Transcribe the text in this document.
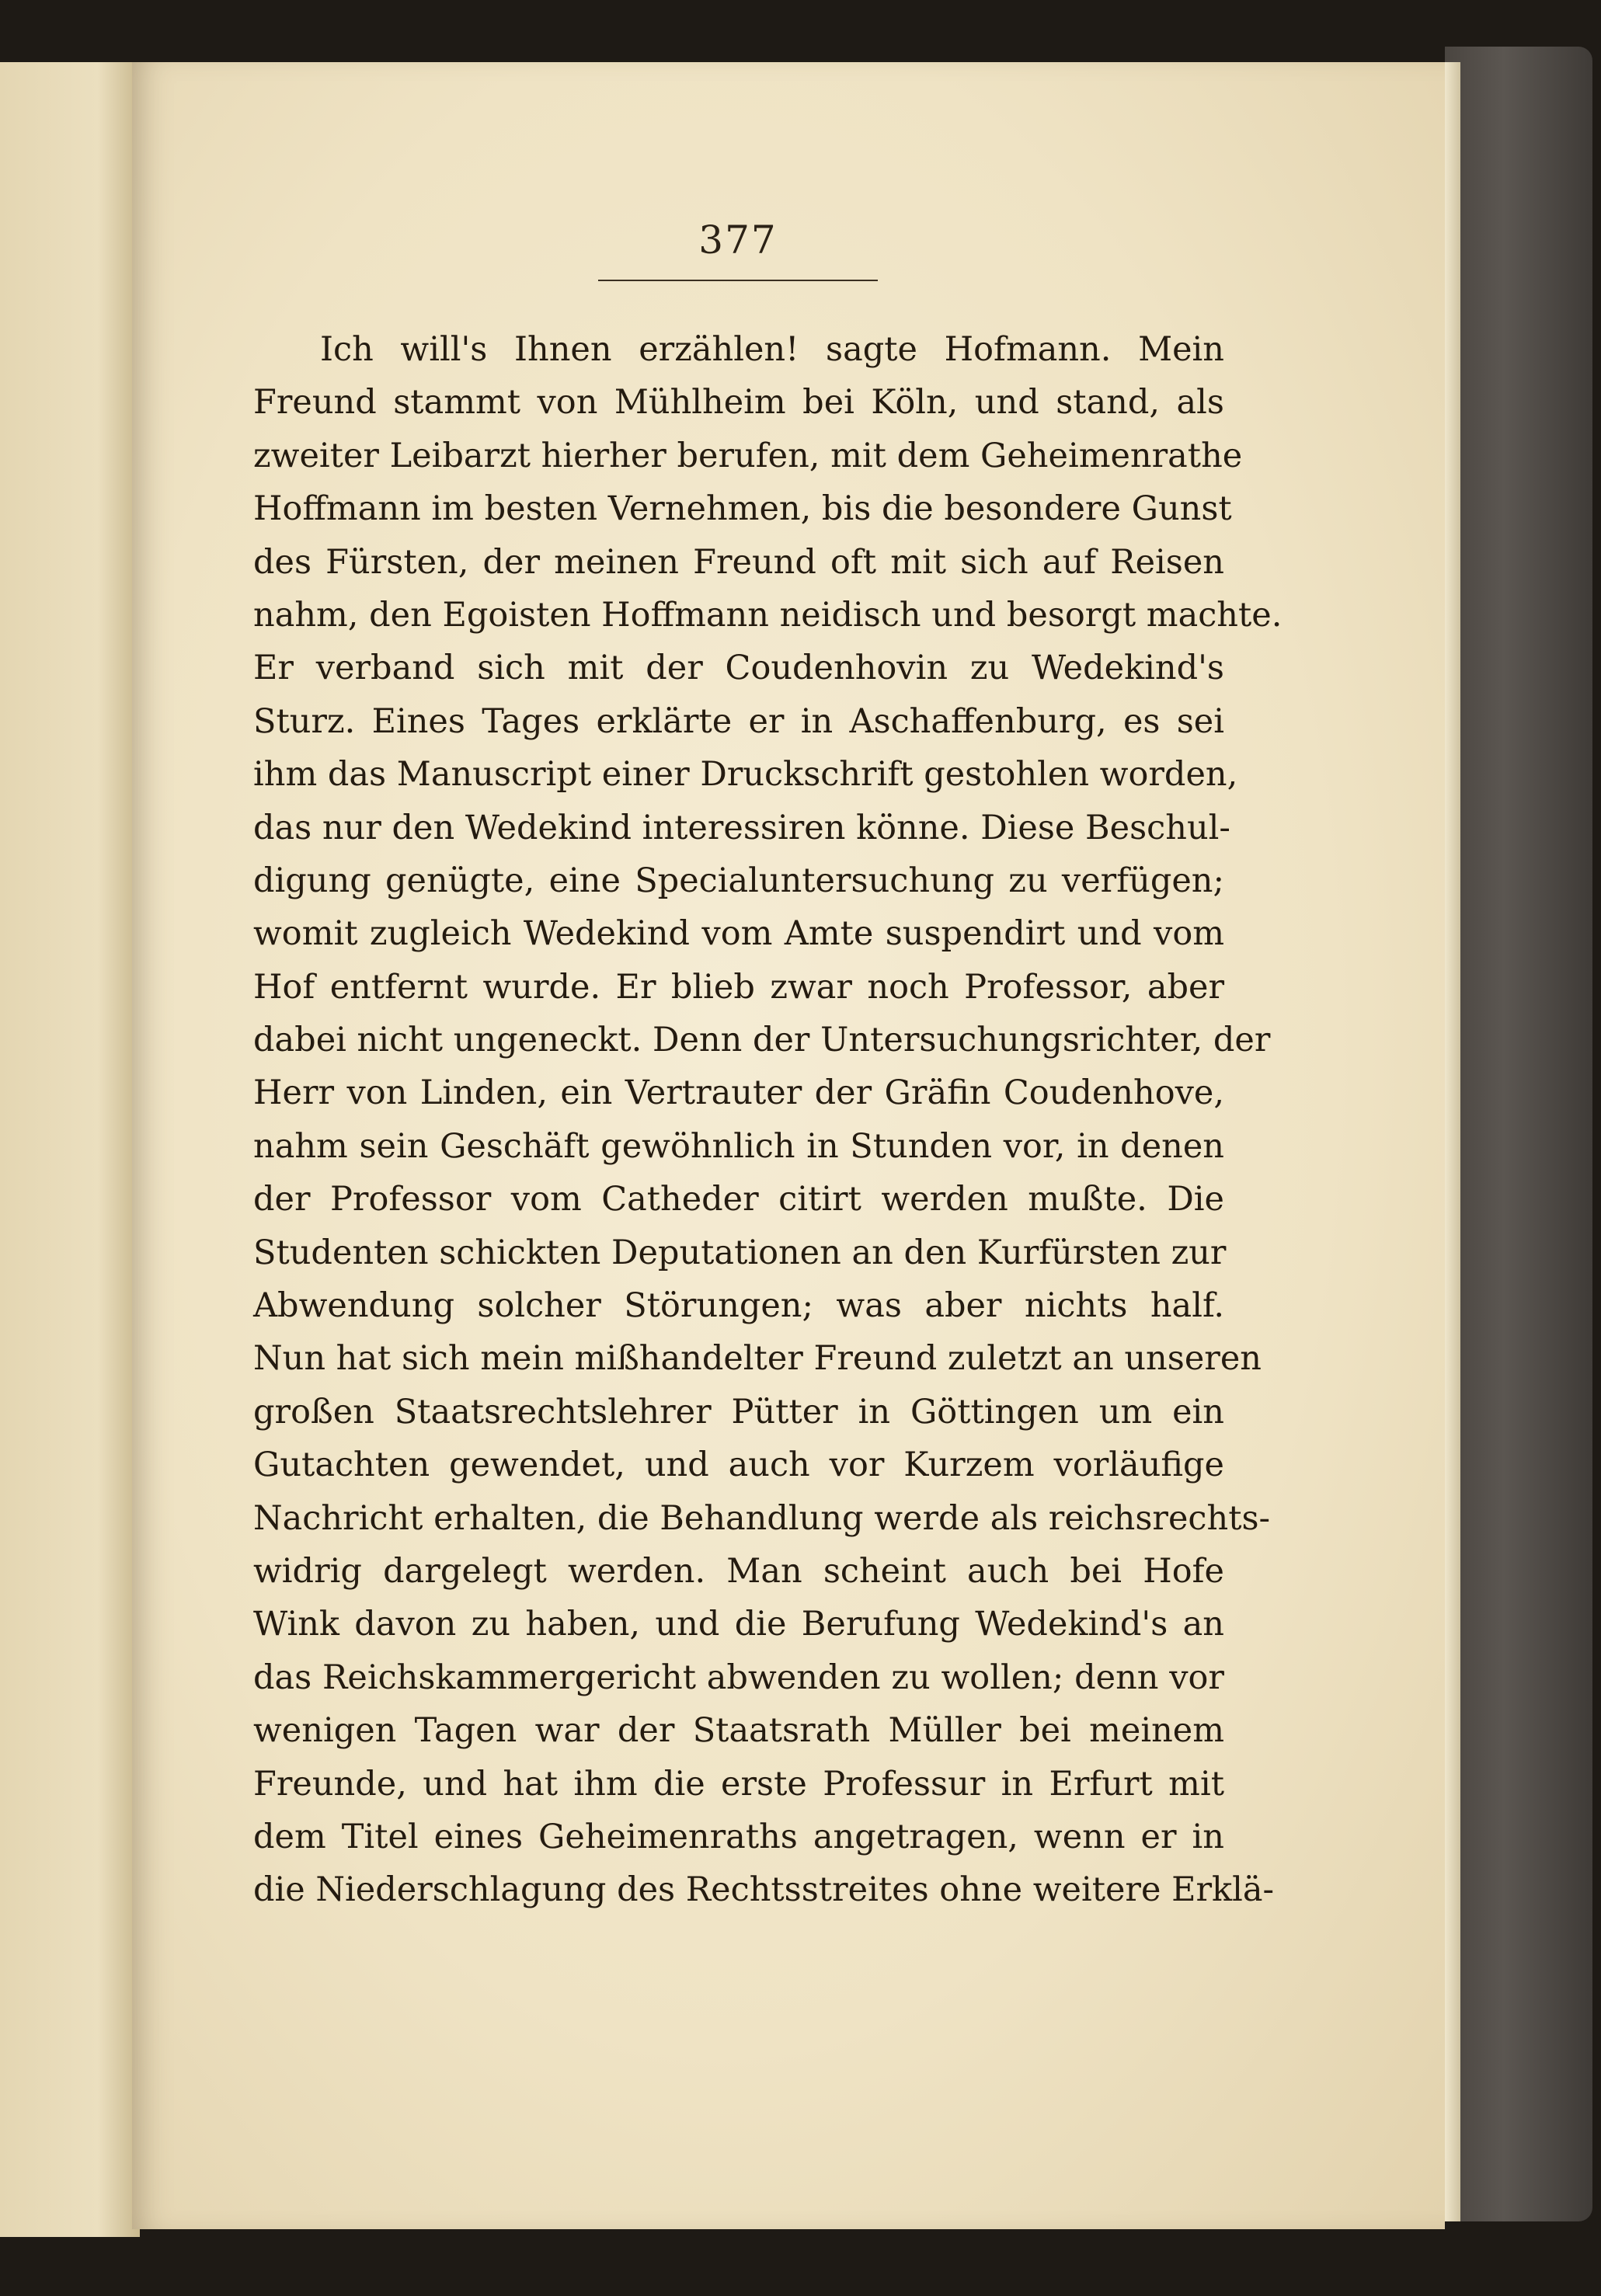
377
Ich will's Ihnen erzählen! sagte Hofmann. Mein
Freund stammt von Mühlheim bei Köln, und stand, als
zweiter Leibarzt hierher berufen, mit dem Geheimenrathe
Hoffmann im besten Vernehmen, bis die besondere Gunst
des Fürsten, der meinen Freund oft mit sich auf Reisen
nahm, den Egoisten Hoffmann neidisch und besorgt machte.
Er verband sich mit der Coudenhovin zu Wedekind's
Sturz. Eines Tages erklärte er in Aschaffenburg, es sei
ihm das Manuscript einer Druckschrift gestohlen worden,
das nur den Wedekind interessiren könne. Diese Beschul-
digung genügte, eine Specialuntersuchung zu verfügen;
womit zugleich Wedekind vom Amte suspendirt und vom
Hof entfernt wurde. Er blieb zwar noch Professor, aber
dabei nicht ungeneckt. Denn der Untersuchungsrichter, der
Herr von Linden, ein Vertrauter der Gräfin Coudenhove,
nahm sein Geschäft gewöhnlich in Stunden vor, in denen
der Professor vom Catheder citirt werden mußte. Die
Studenten schickten Deputationen an den Kurfürsten zur
Abwendung solcher Störungen; was aber nichts half.
Nun hat sich mein mißhandelter Freund zuletzt an unseren
großen Staatsrechtslehrer Pütter in Göttingen um ein
Gutachten gewendet, und auch vor Kurzem vorläufige
Nachricht erhalten, die Behandlung werde als reichsrechts-
widrig dargelegt werden. Man scheint auch bei Hofe
Wink davon zu haben, und die Berufung Wedekind's an
das Reichskammergericht abwenden zu wollen; denn vor
wenigen Tagen war der Staatsrath Müller bei meinem
Freunde, und hat ihm die erste Professur in Erfurt mit
dem Titel eines Geheimenraths angetragen, wenn er in
die Niederschlagung des Rechtsstreites ohne weitere Erklä-
